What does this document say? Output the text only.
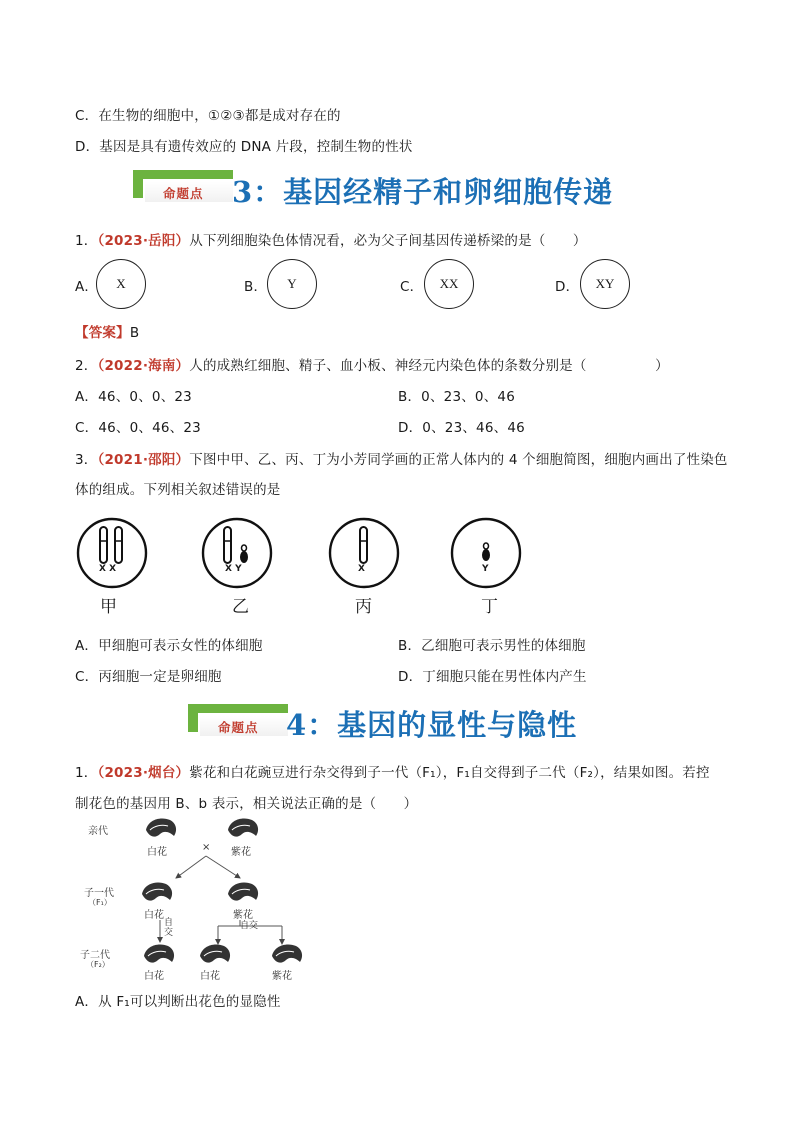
C．在生物的细胞中，①②③都是成对存在的
D．基因是具有遗传效应的 DNA 片段，控制生物的性状
命题点 3：基因经精子和卵细胞传递
1．（2023·岳阳）从下列细胞染色体情况看，必为父子间基因传递桥梁的是（　　）
A．	X	B．	Y	C．	XX	D．	XY
【答案】B
2．（2022·海南）人的成熟红细胞、精子、血小板、神经元内染色体的条数分别是（　　　　　）
A．46、0、0、23	B．0、23、0、46
C．46、0、46、23	D．0、23、46、46
3．（2021·邵阳）下图中甲、乙、丙、丁为小芳同学画的正常人体内的 4 个细胞简图，细胞内画出了性染色
体的组成。下列相关叙述错误的是
X X	X Y	X	Y
甲	乙	丙	丁
A．甲细胞可表示女性的体细胞	B．乙细胞可表示男性的体细胞
C．丙细胞一定是卵细胞	D．丁细胞只能在男性体内产生
命题点 4：基因的显性与隐性
1．（2023·烟台）紫花和白花豌豆进行杂交得到子一代（F₁），F₁自交得到子二代（F₂），结果如图。若控
制花色的基因用 B、b 表示，相关说法正确的是（　　）
亲代
子一代
（F₁）
子二代
（F₂）
×
白花	紫花
白花	紫花
自交
自交
白花	白花	紫花
A．从 F₁可以判断出花色的显隐性
